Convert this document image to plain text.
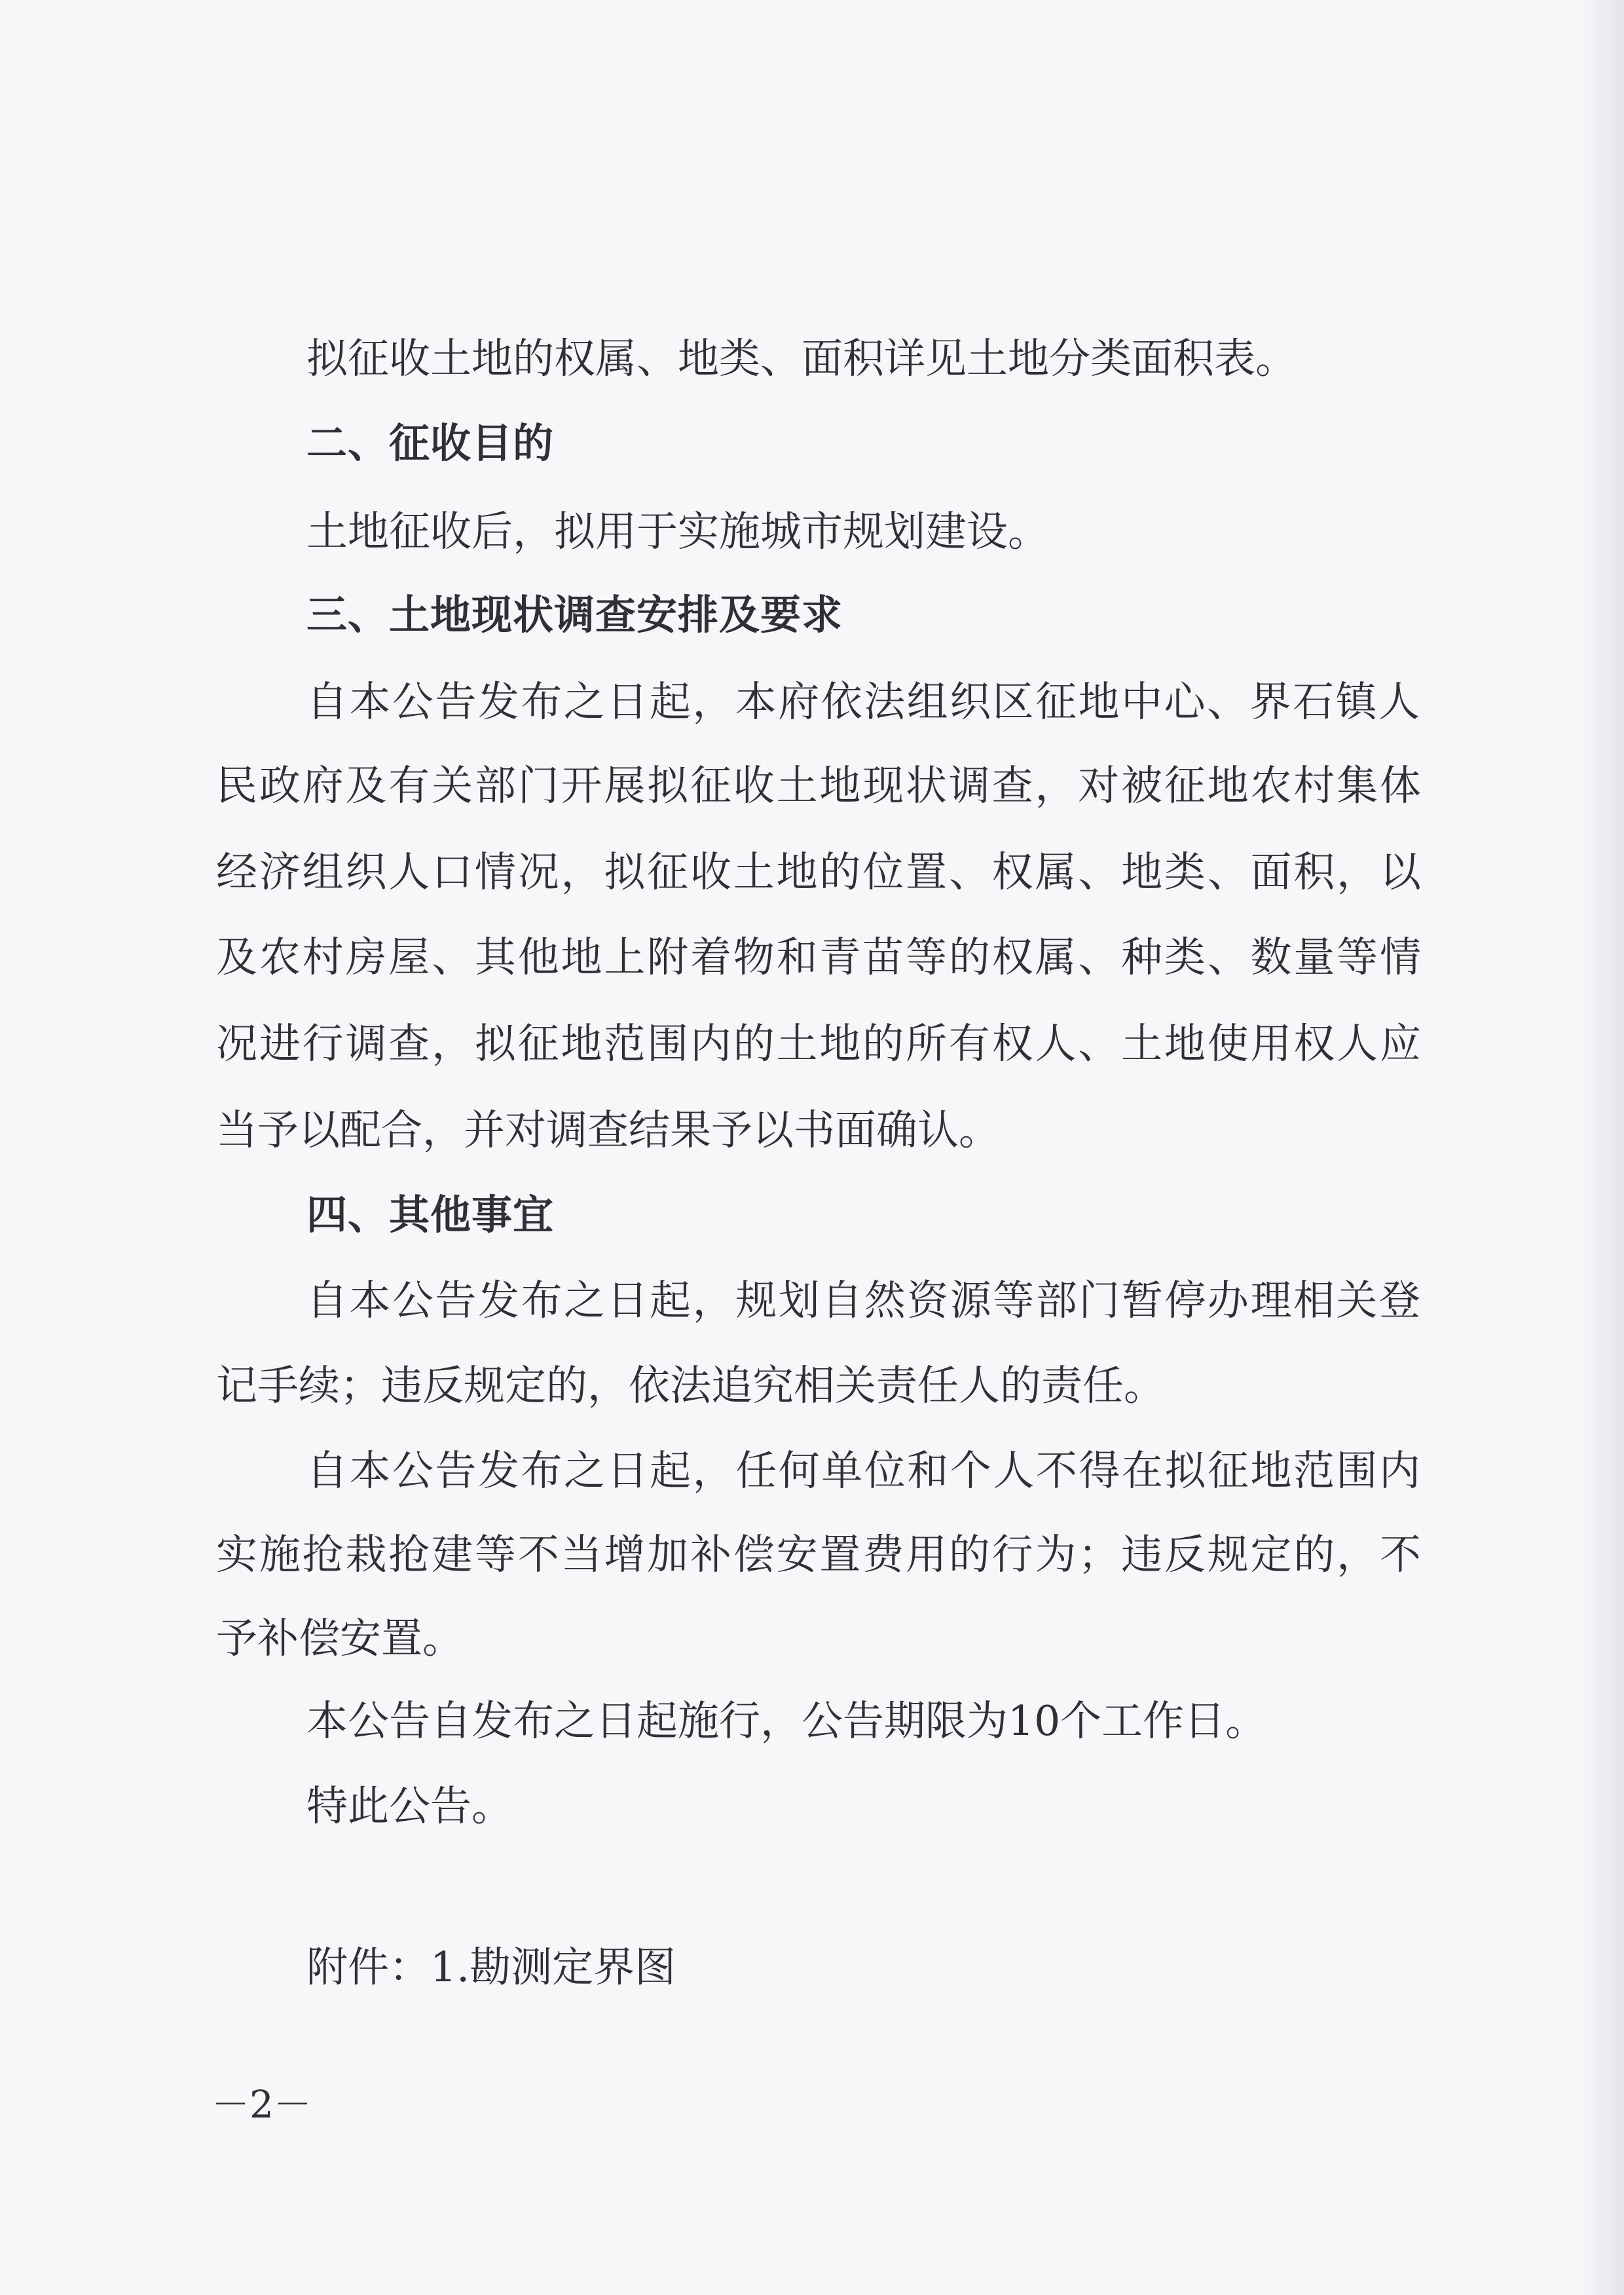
拟征收土地的权属、地类、面积详见土地分类面积表。
二、征收目的
土地征收后，拟用于实施城市规划建设。
三、土地现状调查安排及要求
自本公告发布之日起，本府依法组织区征地中心、界石镇人
民政府及有关部门开展拟征收土地现状调查，对被征地农村集体
经济组织人口情况，拟征收土地的位置、权属、地类、面积，以
及农村房屋、其他地上附着物和青苗等的权属、种类、数量等情
况进行调查，拟征地范围内的土地的所有权人、土地使用权人应
当予以配合，并对调查结果予以书面确认。
四、其他事宜
自本公告发布之日起，规划自然资源等部门暂停办理相关登
记手续；违反规定的，依法追究相关责任人的责任。
自本公告发布之日起，任何单位和个人不得在拟征地范围内
实施抢栽抢建等不当增加补偿安置费用的行为；违反规定的，不
予补偿安置。
本公告自发布之日起施行，公告期限为10个工作日。
特此公告。
附件：1.勘测定界图
－2－
